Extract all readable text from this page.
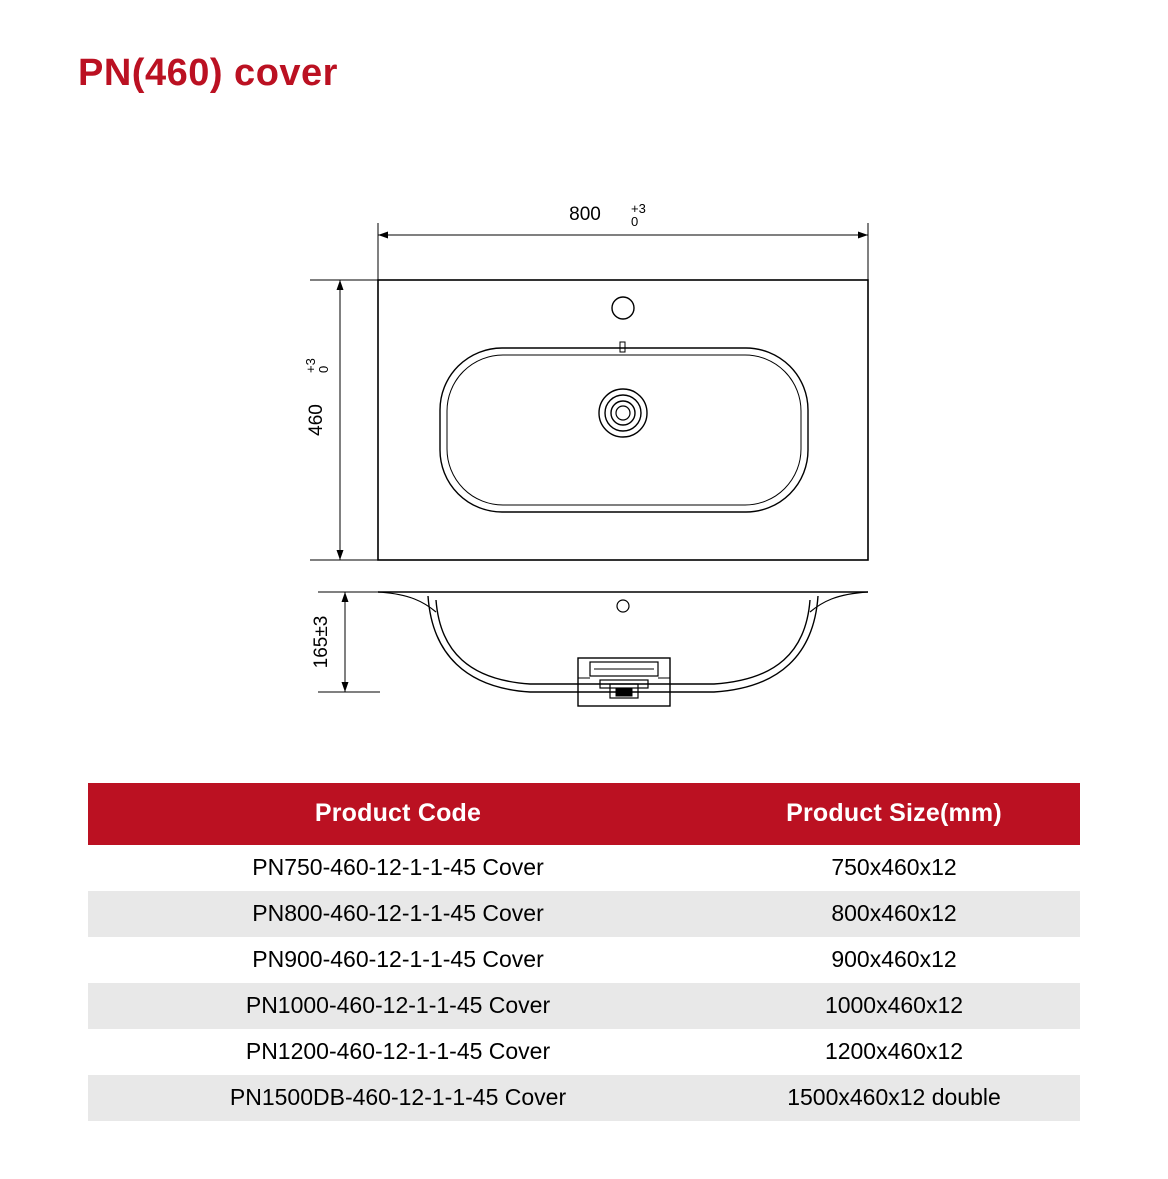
PN(460) cover
800 +3
0
460
+3
0
165±3
Product Code	Product Size(mm)
PN750-460-12-1-1-45 Cover	750x460x12
PN800-460-12-1-1-45 Cover	800x460x12
PN900-460-12-1-1-45 Cover	900x460x12
PN1000-460-12-1-1-45 Cover	1000x460x12
PN1200-460-12-1-1-45 Cover	1200x460x12
PN1500DB-460-12-1-1-45 Cover	1500x460x12 double
